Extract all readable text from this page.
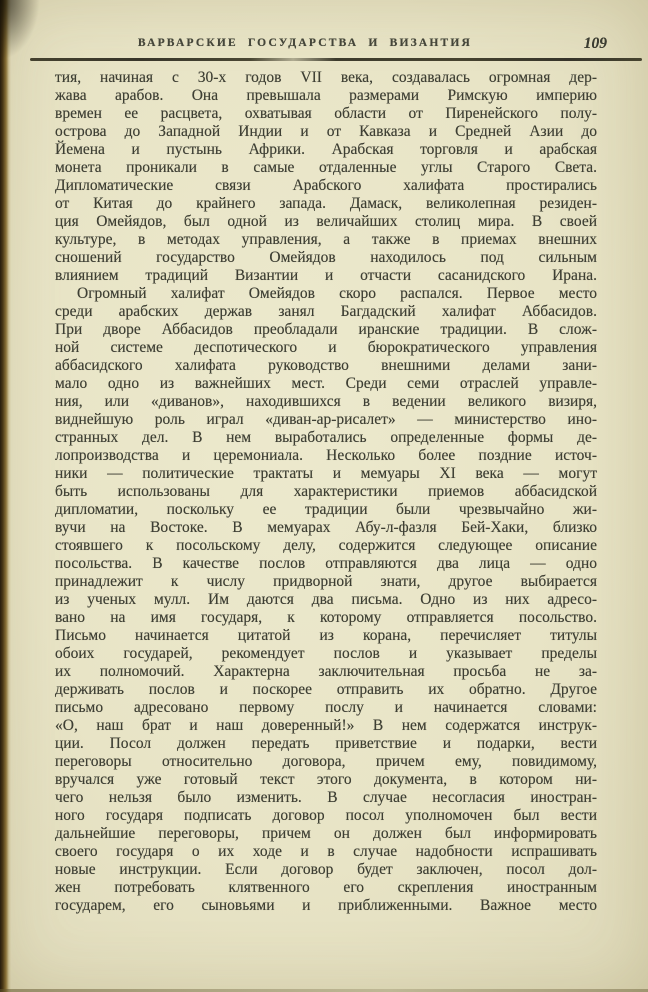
ВАРВАРСКИЕ ГОСУДАРСТВА И ВИЗАНТИЯ	109
тия, начиная с 30-х годов VII века, создавалась огромная дер-
жава арабов. Она превышала размерами Римскую империю
времен ее расцвета, охватывая области от Пиренейского полу-
острова до Западной Индии и от Кавказа и Средней Азии до
Йемена и пустынь Африки. Арабская торговля и арабская
монета проникали в самые отдаленные углы Старого Света.
Дипломатические связи Арабского халифата простирались
от Китая до крайнего запада. Дамаск, великолепная резиден-
ция Омейядов, был одной из величайших столиц мира. В своей
культуре, в методах управления, а также в приемах внешних
сношений государство Омейядов находилось под сильным
влиянием традиций Византии и отчасти сасанидского Ирана.
Огромный халифат Омейядов скоро распался. Первое место
среди арабских держав занял Багдадский халифат Аббасидов.
При дворе Аббасидов преобладали иранские традиции. В слож-
ной системе деспотического и бюрократического управления
аббасидского халифата руководство внешними делами зани-
мало одно из важнейших мест. Среди семи отраслей управле-
ния, или «диванов», находившихся в ведении великого визиря,
виднейшую роль играл «диван-ар-рисалет» — министерство ино-
странных дел. В нем выработались определенные формы де-
лопроизводства и церемониала. Несколько более поздние источ-
ники — политические трактаты и мемуары XI века — могут
быть использованы для характеристики приемов аббасидской
дипломатии, поскольку ее традиции были чрезвычайно жи-
вучи на Востоке. В мемуарах Абу-л-фазля Бей-Хаки, близко
стоявшего к посольскому делу, содержится следующее описание
посольства. В качестве послов отправляются два лица — одно
принадлежит к числу придворной знати, другое выбирается
из ученых мулл. Им даются два письма. Одно из них адресо-
вано на имя государя, к которому отправляется посольство.
Письмо начинается цитатой из корана, перечисляет титулы
обоих государей, рекомендует послов и указывает пределы
их полномочий. Характерна заключительная просьба не за-
держивать послов и поскорее отправить их обратно. Другое
письмо адресовано первому послу и начинается словами:
«О, наш брат и наш доверенный!» В нем содержатся инструк-
ции. Посол должен передать приветствие и подарки, вести
переговоры относительно договора, причем ему, повидимому,
вручался уже готовый текст этого документа, в котором ни-
чего нельзя было изменить. В случае несогласия иностран-
ного государя подписать договор посол уполномочен был вести
дальнейшие переговоры, причем он должен был информировать
своего государя о их ходе и в случае надобности испрашивать
новые инструкции. Если договор будет заключен, посол дол-
жен потребовать клятвенного его скрепления иностранным
государем, его сыновьями и приближенными. Важное место
